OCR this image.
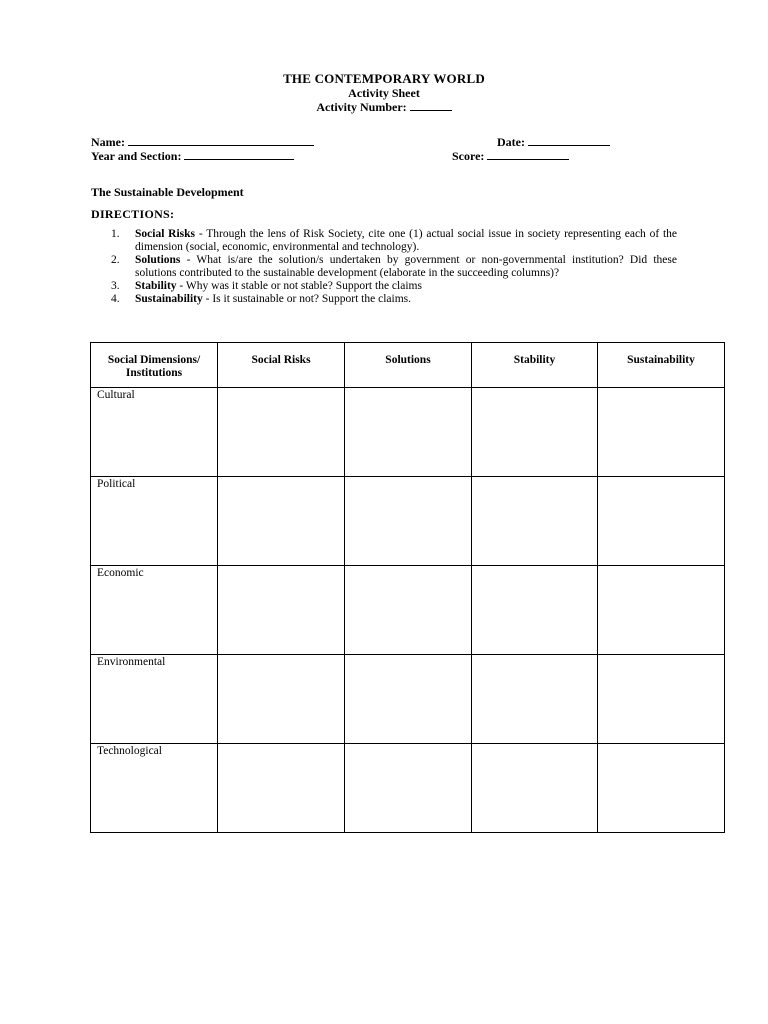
THE CONTEMPORARY WORLD
Activity Sheet
Activity Number:
Name:	Date:
Year and Section:	Score:
The Sustainable Development
DIRECTIONS:
1.	Social Risks - Through the lens of Risk Society, cite one (1) actual social issue in society representing each of the dimension (social, economic, environmental and technology).
2.	Solutions - What is/are the solution/s undertaken by government or non-governmental institution? Did these solutions contributed to the sustainable development (elaborate in the succeeding columns)?
3.	Stability - Why was it stable or not stable? Support the claims
4.	Sustainability - Is it sustainable or not? Support the claims.
Social Dimensions/ Institutions	Social Risks	Solutions	Stability	Sustainability
Cultural				
Political				
Economic				
Environmental				
Technological				
